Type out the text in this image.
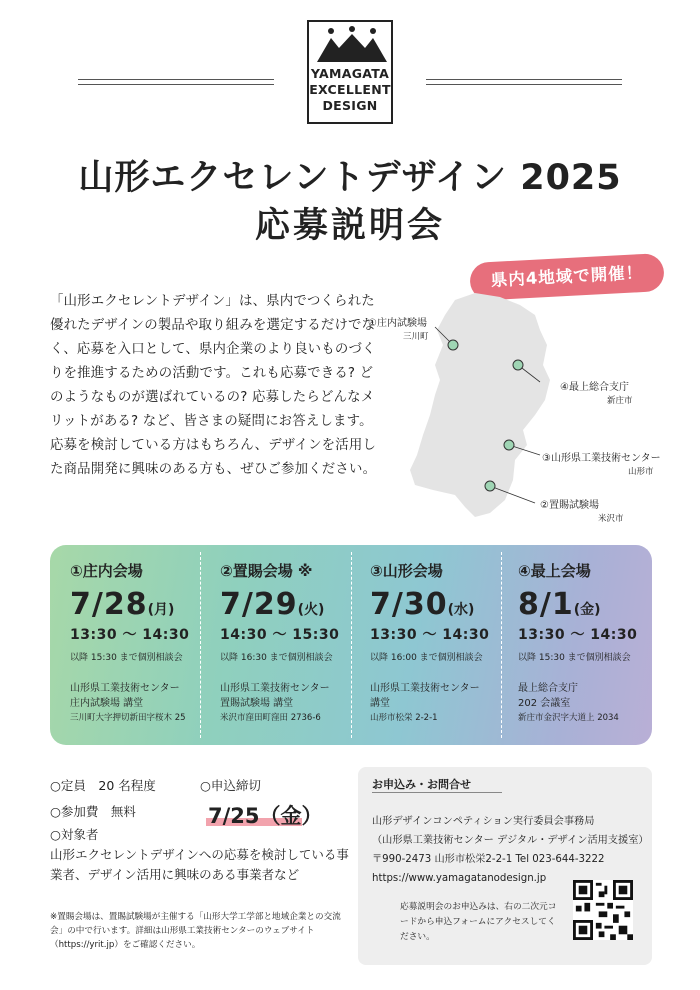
YAMAGATA
EXCELLENT
DESIGN
山形エクセレントデザイン 2025
応募説明会
「山形エクセレントデザイン」は、県内でつくられた優れたデザインの製品や取り組みを選定するだけでなく、応募を入口として、県内企業のより良いものづくりを推進するための活動です。これも応募できる? どのようなものが選ばれているの? 応募したらどんなメリットがある? など、皆さまの疑問にお答えします。応募を検討している方はもちろん、デザインを活用した商品開発に興味のある方も、ぜひご参加ください。
県内4地域で開催！
①庄内試験場
三川町
④最上総合支庁
新庄市
③山形県工業技術センター
山形市
②置賜試験場
米沢市
①庄内会場
7/28(月)
13:30 ～ 14:30
以降 15:30 まで個別相談会
山形県工業技術センター
庄内試験場 講堂
三川町大字押切新田字桜木 25
②置賜会場 ※
7/29(火)
14:30 ～ 15:30
以降 16:30 まで個別相談会
山形県工業技術センター
置賜試験場 講堂
米沢市窪田町窪田 2736-6
③山形会場
7/30(水)
13:30 ～ 14:30
以降 16:00 まで個別相談会
山形県工業技術センター
講堂
山形市松栄 2-2-1
④最上会場
8/1(金)
13:30 ～ 14:30
以降 15:30 まで個別相談会
最上総合支庁
202 会議室
新庄市金沢字大道上 2034
○定員　20 名程度	○申込締切
○参加費　無料	7/25（金）
○対象者
山形エクセレントデザインへの応募を検討している事業者、デザイン活用に興味のある事業者など
※置賜会場は、置賜試験場が主催する「山形大学工学部と地域企業との交流会」の中で行います。詳細は山形県工業技術センターのウェブサイト（https://yrit.jp）をご確認ください。
お申込み・お問合せ
山形デザインコンペティション実行委員会事務局
（山形県工業技術センター デジタル・デザイン活用支援室）
〒990-2473 山形市松栄2-2-1 Tel 023-644-3222
https://www.yamagatanodesign.jp
応募説明会のお申込みは、右の二次元コードから申込フォームにアクセスしてください。
